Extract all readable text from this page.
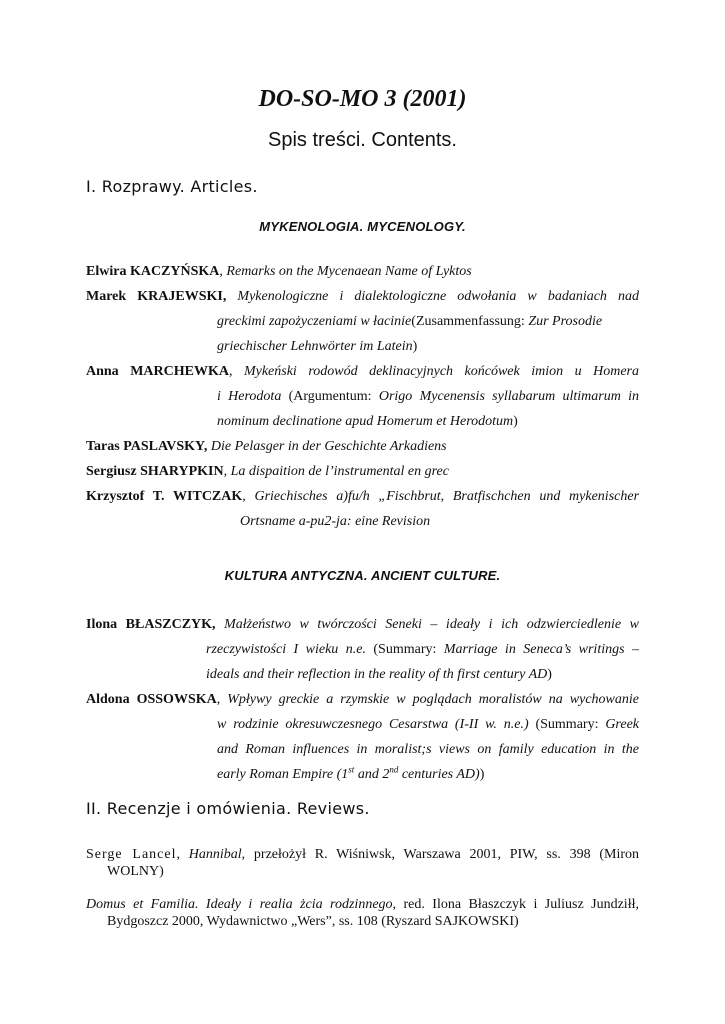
DO-SO-MO 3 (2001)
Spis treści. Contents.
I. Rozprawy. Articles.
MYKENOLOGIA. MYCENOLOGY.

Elwira KACZYŃSKA, Remarks on the Mycenaean Name of Lyktos

Marek KRAJEWSKI, Mykenologiczne i dialektologiczne odwołania w badaniach nad

greckimi zapożyczeniami w łacinie(Zusammenfassung: Zur Prosodie

griechischer Lehnwörter im Latein)

Anna MARCHEWKA, Mykeński rodowód deklinacyjnych końcówek imion u Homera

i Herodota (Argumentum: Origo Mycenensis syllabarum ultimarum in

nominum declinatione apud Homerum et Herodotum)

Taras PASLAVSKY, Die Pelasger in der Geschichte Arkadiens

Sergiusz SHARYPKIN, La dispaition de l’instrumental en grec

Krzysztof T. WITCZAK, Griechisches a)fu/h „Fischbrut, Bratfischchen und mykenischer

Ortsname a-pu2-ja: eine Revision

KULTURA ANTYCZNA. ANCIENT CULTURE.

Ilona BŁASZCZYK, Małżeństwo w twórczości Seneki – ideały i ich odzwierciedlenie w

rzeczywistości I wieku n.e. (Summary: Marriage in Seneca’s writings –

ideals and their reflection in the reality of th first century AD)

Aldona OSSOWSKA, Wpływy greckie a rzymskie w poglądach moralistów na wychowanie

w rodzinie okresuwczesnego Cesarstwa (I-II w. n.e.) (Summary: Greek

and Roman influences in moralist;s views on family education in the

early Roman Empire (1st and 2nd centuries AD))

II. Recenzje i omówienia. Reviews.
Serge Lancel, Hannibal, przełożył R. Wiśniwsk, Warszawa 2001, PIW, ss. 398 (Miron WOLNY)
Domus et Familia. Ideały i realia żcia rodzinnego, red. Ilona Błaszczyk i Juliusz Jundziłł, Bydgoszcz 2000, Wydawnictwo „Wers”, ss. 108 (Ryszard SAJKOWSKI)
